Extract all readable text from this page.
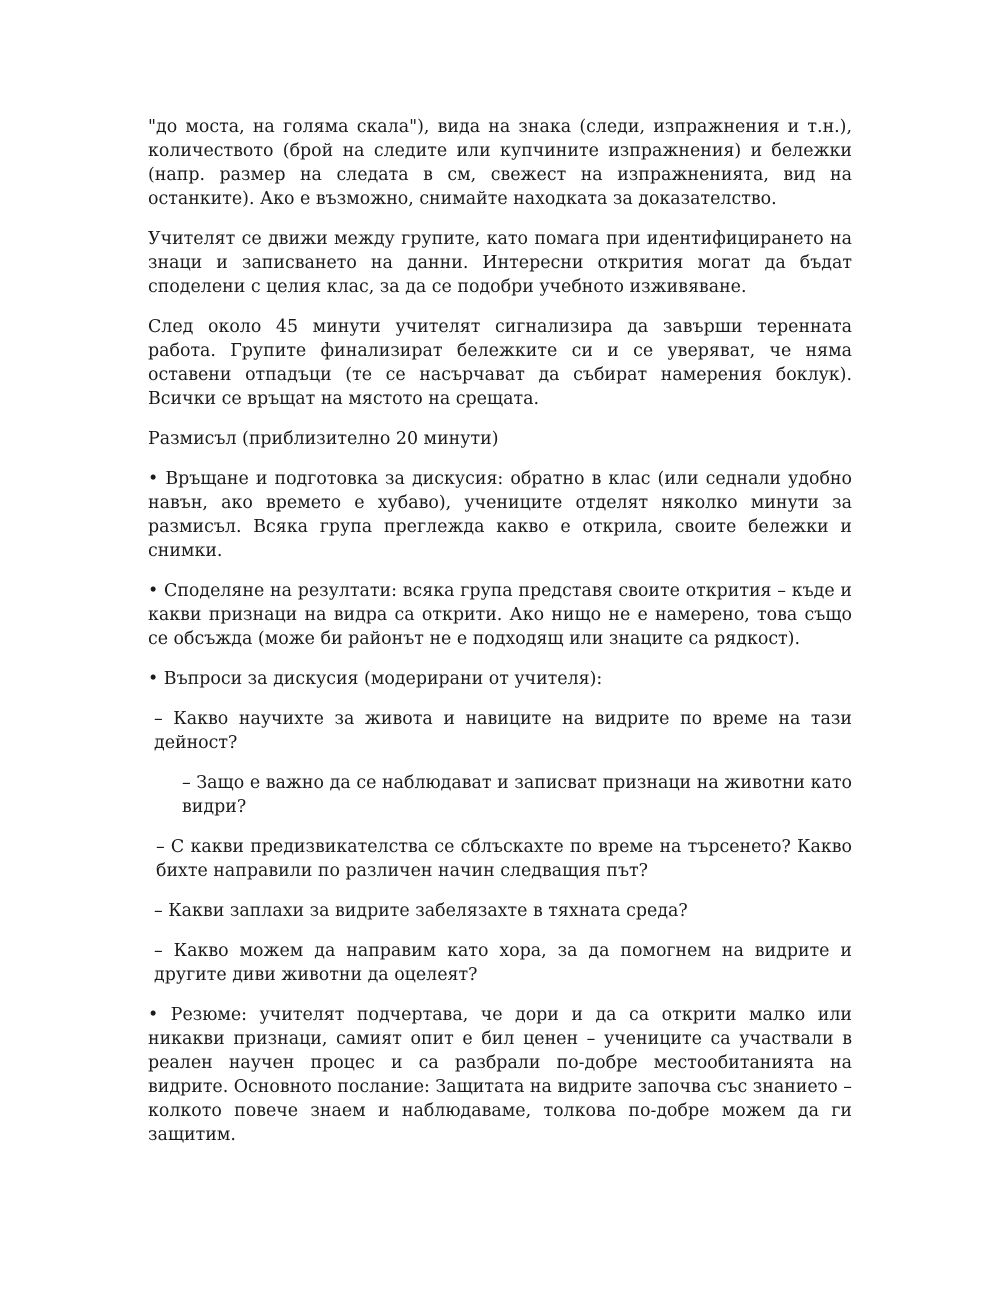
"до моста, на голяма скала"), вида на знака (следи, изпражнения и т.н.), количеството (брой на следите или купчините изпражнения) и бележки (напр. размер на следата в см, свежест на изпражненията, вид на останките). Ако е възможно, снимайте находката за доказателство.

Учителят се движи между групите, като помага при идентифицирането на знаци и записването на данни. Интересни открития могат да бъдат споделени с целия клас, за да се подобри учебното изживяване.

След около 45 минути учителят сигнализира да завърши теренната работа. Групите финализират бележките си и се уверяват, че няма оставени отпадъци (те се насърчават да събират намерения боклук). Всички се връщат на мястото на срещата.

Размисъл (приблизително 20 минути)

• Връщане и подготовка за дискусия: обратно в клас (или седнали удобно навън, ако времето е хубаво), учениците отделят няколко минути за размисъл. Всяка група преглежда какво е открила, своите бележки и снимки.

• Споделяне на резултати: всяка група представя своите открития – къде и какви признаци на видра са открити. Ако нищо не е намерено, това също се обсъжда (може би районът не е подходящ или знаците са рядкост).

• Въпроси за дискусия (модерирани от учителя):

– Какво научихте за живота и навиците на видрите по време на тази дейност?

– Защо е важно да се наблюдават и записват признаци на животни като видри?

– С какви предизвикателства се сблъскахте по време на търсенето? Какво бихте направили по различен начин следващия път?

– Какви заплахи за видрите забелязахте в тяхната среда?

– Какво можем да направим като хора, за да помогнем на видрите и другите диви животни да оцелеят?

• Резюме: учителят подчертава, че дори и да са открити малко или никакви признаци, самият опит е бил ценен – учениците са участвали в реален научен процес и са разбрали по-добре местообитанията на видрите. Основното послание: Защитата на видрите започва със знанието – колкото повече знаем и наблюдаваме, толкова по-добре можем да ги защитим.
